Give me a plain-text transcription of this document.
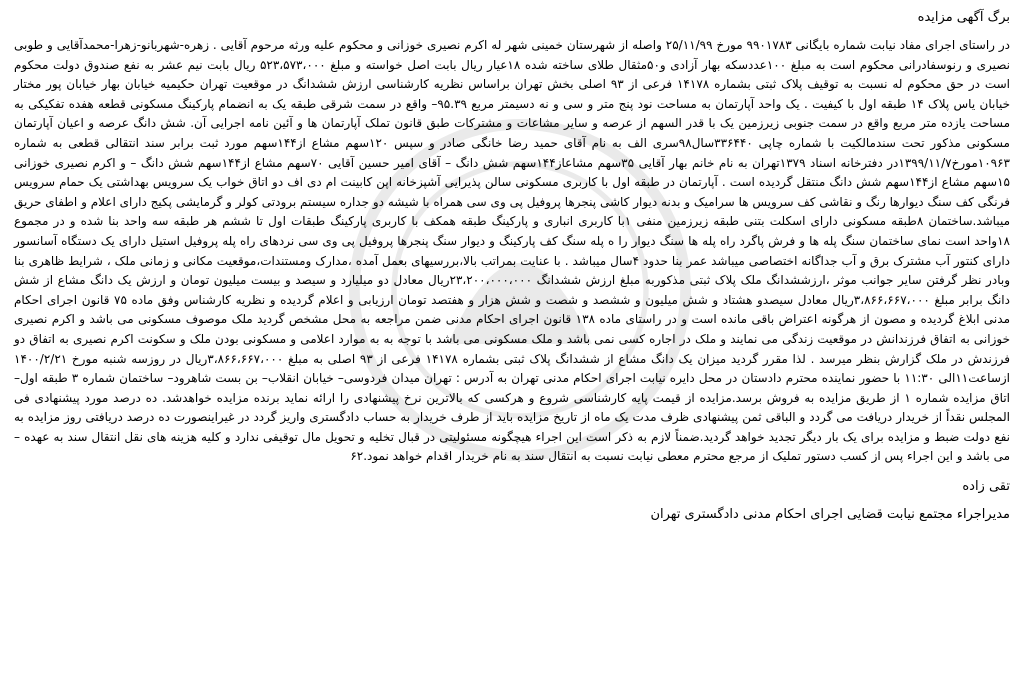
برگ آگهی مزایده

در راستای اجرای مفاد نیابت شماره بایگانی ۹۹۰۱۷۸۳ مورخ ۲۵/۱۱/۹۹ واصله از شهرستان خمینی شهر له اکرم نصیری خوزانی و محکوم علیه ورثه مرحوم آقایی . زهره-شهربانو-زهرا-محمدآقایی و طوبی نصیری و رنوسفادرانی محکوم است به مبلغ ۱۰۰عددسکه بهار آزادی و۵۰مثقال طلای ساخته شده ۱۸عیار ریال بابت اصل خواسته و مبلغ ۵۲۳،۵۷۳،۰۰۰ ریال بابت نیم عشر به نفع صندوق دولت محکوم است در حق محکوم له نسبت به توقیف پلاک ثبتی بشماره ۱۴۱۷۸ فرعی از ۹۳ اصلی بخش تهران براساس نظریه کارشناسی ارزش ششدانگ در موقعیت تهران حکیمیه خیابان بهار خیابان پور مختار خیابان یاس پلاک ۱۴ طبقه اول با کیفیت . یک واحد آپارتمان به مساحت نود پنج متر و سی و نه دسیمتر مربع ۹۵.۳۹– واقع در سمت شرقی طبقه یک به انضمام پارکینگ مسکونی قطعه هفده تفکیکی به مساحت یازده متر مربع واقع در سمت جنوبی زیرزمین یک با قدر السهم از عرصه و سایر مشاعات و مشترکات طبق قانون تملک آپارتمان ها و آئین نامه اجرایی آن. شش دانگ عرصه و اعیان آپارتمان مسکونی مذکور تحت سندمالکیت با شماره چاپی ۳۳۶۴۴۰سال۹۸سری الف به نام آقای حمید رضا خانگی صادر و سپس ۱۲۰سهم مشاع از۱۴۴سهم مورد ثبت برابر سند انتقالی قطعی به شماره ۱۰۹۶۳مورخ۱۳۹۹/۱۱/۷در دفترخانه اسناد ۱۳۷۹تهران به نام خانم بهار آقایی ۳۵سهم مشاعاز۱۴۴سهم شش دانگ – آقای امیر حسین آقایی ۷۰سهم مشاع از۱۴۴سهم شش دانگ – و اکرم نصیری خوزانی ۱۵سهم مشاع از۱۴۴سهم شش دانگ منتقل گردیده است . آپارتمان در طبقه اول با کاربری مسکونی سالن پذیرایی آشپزخانه اپن کابینت ام دی اف دو اتاق خواب یک سرویس بهداشتی یک حمام سرویس فرنگی کف سنگ دیوارها رنگ و نقاشی کف سرویس ها سرامیک و بدنه دیوار کاشی پنجرها پروفیل پی وی سی همراه با شیشه دو جداره سیستم برودتی کولر و گرمایشی پکیج دارای اعلام و اطفای حریق میباشد.ساختمان ۸طبقه مسکونی دارای اسکلت بتنی طبقه زیرزمین منفی ۱با کاربری انباری و پارکینگ طبقه همکف با کاربری پارکینگ طبقات اول تا ششم هر طبقه سه واحد بنا شده و در مجموع ۱۸واحد است نمای ساختمان سنگ پله ها و فرش پاگرد راه پله ها سنگ دیوار را ه پله سنگ کف پارکینگ و دیوار سنگ پنجرها پروفیل پی وی سی نردهای راه پله پروفیل استیل دارای یک دستگاه آسانسور دارای کنتور آب مشترک برق و آب جداگانه اختصاصی میباشد عمر بنا حدود ۴سال میباشد . با عنایت بمراتب بالا،بررسیهای بعمل آمده ،مدارک ومستندات،موقعیت مکانی و زمانی ملک ، شرایط ظاهری بنا وبادر نظر گرفتن سایر جوانب موثر ،ارزششدانگ ملک پلاک ثبتی مذکوربه مبلغ ارزش ششدانگ ۲۳،۲۰۰،۰۰۰،۰۰۰ریال معادل دو میلیارد و سیصد و بیست میلیون تومان و ارزش یک دانگ مشاع از شش دانگ برابر مبلغ ۳،۸۶۶،۶۶۷،۰۰۰ریال معادل سیصدو هشتاد و شش میلیون و ششصد و شصت و شش هزار و هفتصد تومان ارزیابی و اعلام گردیده و نظریه کارشناس وفق ماده ۷۵ قانون اجرای احکام مدنی ابلاغ گردیده و مصون از هرگونه اعتراض باقی مانده است و در راستای ماده ۱۳۸ قانون اجرای احکام مدنی ضمن مراجعه به محل مشخص گردید ملک موصوف مسکونی می باشد و اکرم نصیری خوزانی به اتفاق فرزندانش در موقعیت زندگی می نمایند و ملک در اجاره کسی نمی باشد و ملک مسکونی می باشد با توجه به به موارد اعلامی و مسکونی بودن ملک و سکونت اکرم نصیری به اتفاق دو فرزندش در ملک گزارش بنظر میرسد . لذا مقرر گردید میزان یک دانگ مشاع از ششدانگ پلاک ثبتی بشماره ۱۴۱۷۸ فرعی از ۹۳ اصلی به مبلغ ۳،۸۶۶،۶۶۷،۰۰۰ریال در روزسه شنبه مورخ ۱۴۰۰/۲/۲۱ ازساعت۱۱الی ۱۱:۳۰ با حضور نماینده محترم دادستان در محل دایره نیابت اجرای احکام مدنی تهران به آدرس : تهران میدان فردوسی– خیابان انقلاب– بن بست شاهرود– ساختمان شماره ۳ طبقه اول–اتاق مزایده شماره ۱ از طریق مزایده به فروش برسد.مزایده از قیمت پایه کارشناسی شروع و هرکسی که بالاترین نرخ پیشنهادی را ارائه نماید برنده مزایده خواهدشد. ده درصد مورد پیشنهادی فی المجلس نقداً از خریدار دریافت می گردد و الباقی ثمن پیشنهادی ظرف مدت یک ماه از تاریخ مزایده باید از طرف خریدار به حساب دادگستری واریز گردد در غیراینصورت ده درصد دریافتی روز مزایده به نفع دولت ضبط و مزایده برای یک بار دیگر تجدید خواهد گردید.ضمناً لازم به ذکر است این اجراء هیچگونه مسئولیتی در قبال تخلیه و تحویل مال توقیفی ندارد و کلیه هزینه های نقل انتقال سند به عهده – می باشد و این اجراء پس از کسب دستور تملیک از مرجع محترم معطی نیابت نسبت به انتقال سند به نام خریدار اقدام خواهد نمود.۶۲

تقی زاده
مدیراجراء مجتمع نیابت قضایی اجرای احکام مدنی دادگستری تهران
